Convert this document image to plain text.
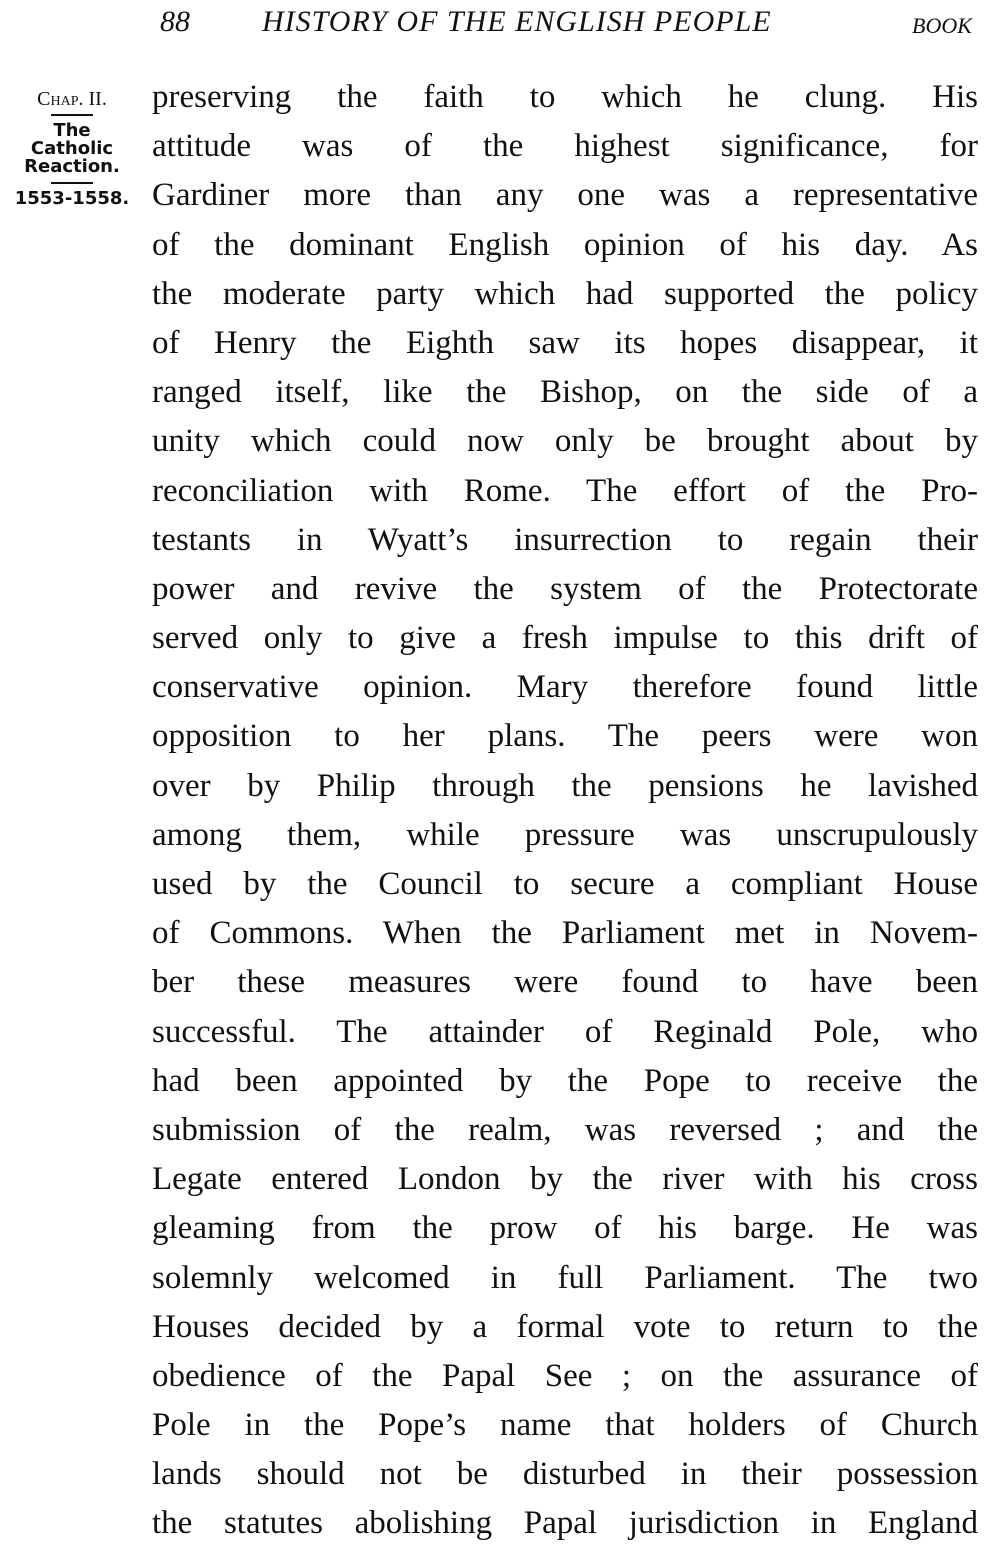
88 HISTORY OF THE ENGLISH PEOPLE	BOOK
Chap. II.
The
Catholic
Reaction.
1553-1558.
preserving the faith to which he clung. His
attitude was of the highest significance, for
Gardiner more than any one was a representative
of the dominant English opinion of his day. As
the moderate party which had supported the policy
of Henry the Eighth saw its hopes disappear, it
ranged itself, like the Bishop, on the side of a
unity which could now only be brought about by
reconciliation with Rome. The effort of the Pro-
testants in Wyatt’s insurrection to regain their
power and revive the system of the Protectorate
served only to give a fresh impulse to this drift of
conservative opinion. Mary therefore found little
opposition to her plans. The peers were won
over by Philip through the pensions he lavished
among them, while pressure was unscrupulously
used by the Council to secure a compliant House
of Commons. When the Parliament met in Novem-
ber these measures were found to have been
successful. The attainder of Reginald Pole, who
had been appointed by the Pope to receive the
submission of the realm, was reversed ; and the
Legate entered London by the river with his cross
gleaming from the prow of his barge. He was
solemnly welcomed in full Parliament. The two
Houses decided by a formal vote to return to the
obedience of the Papal See ; on the assurance of
Pole in the Pope’s name that holders of Church
lands should not be disturbed in their possession
the statutes abolishing Papal jurisdiction in England
